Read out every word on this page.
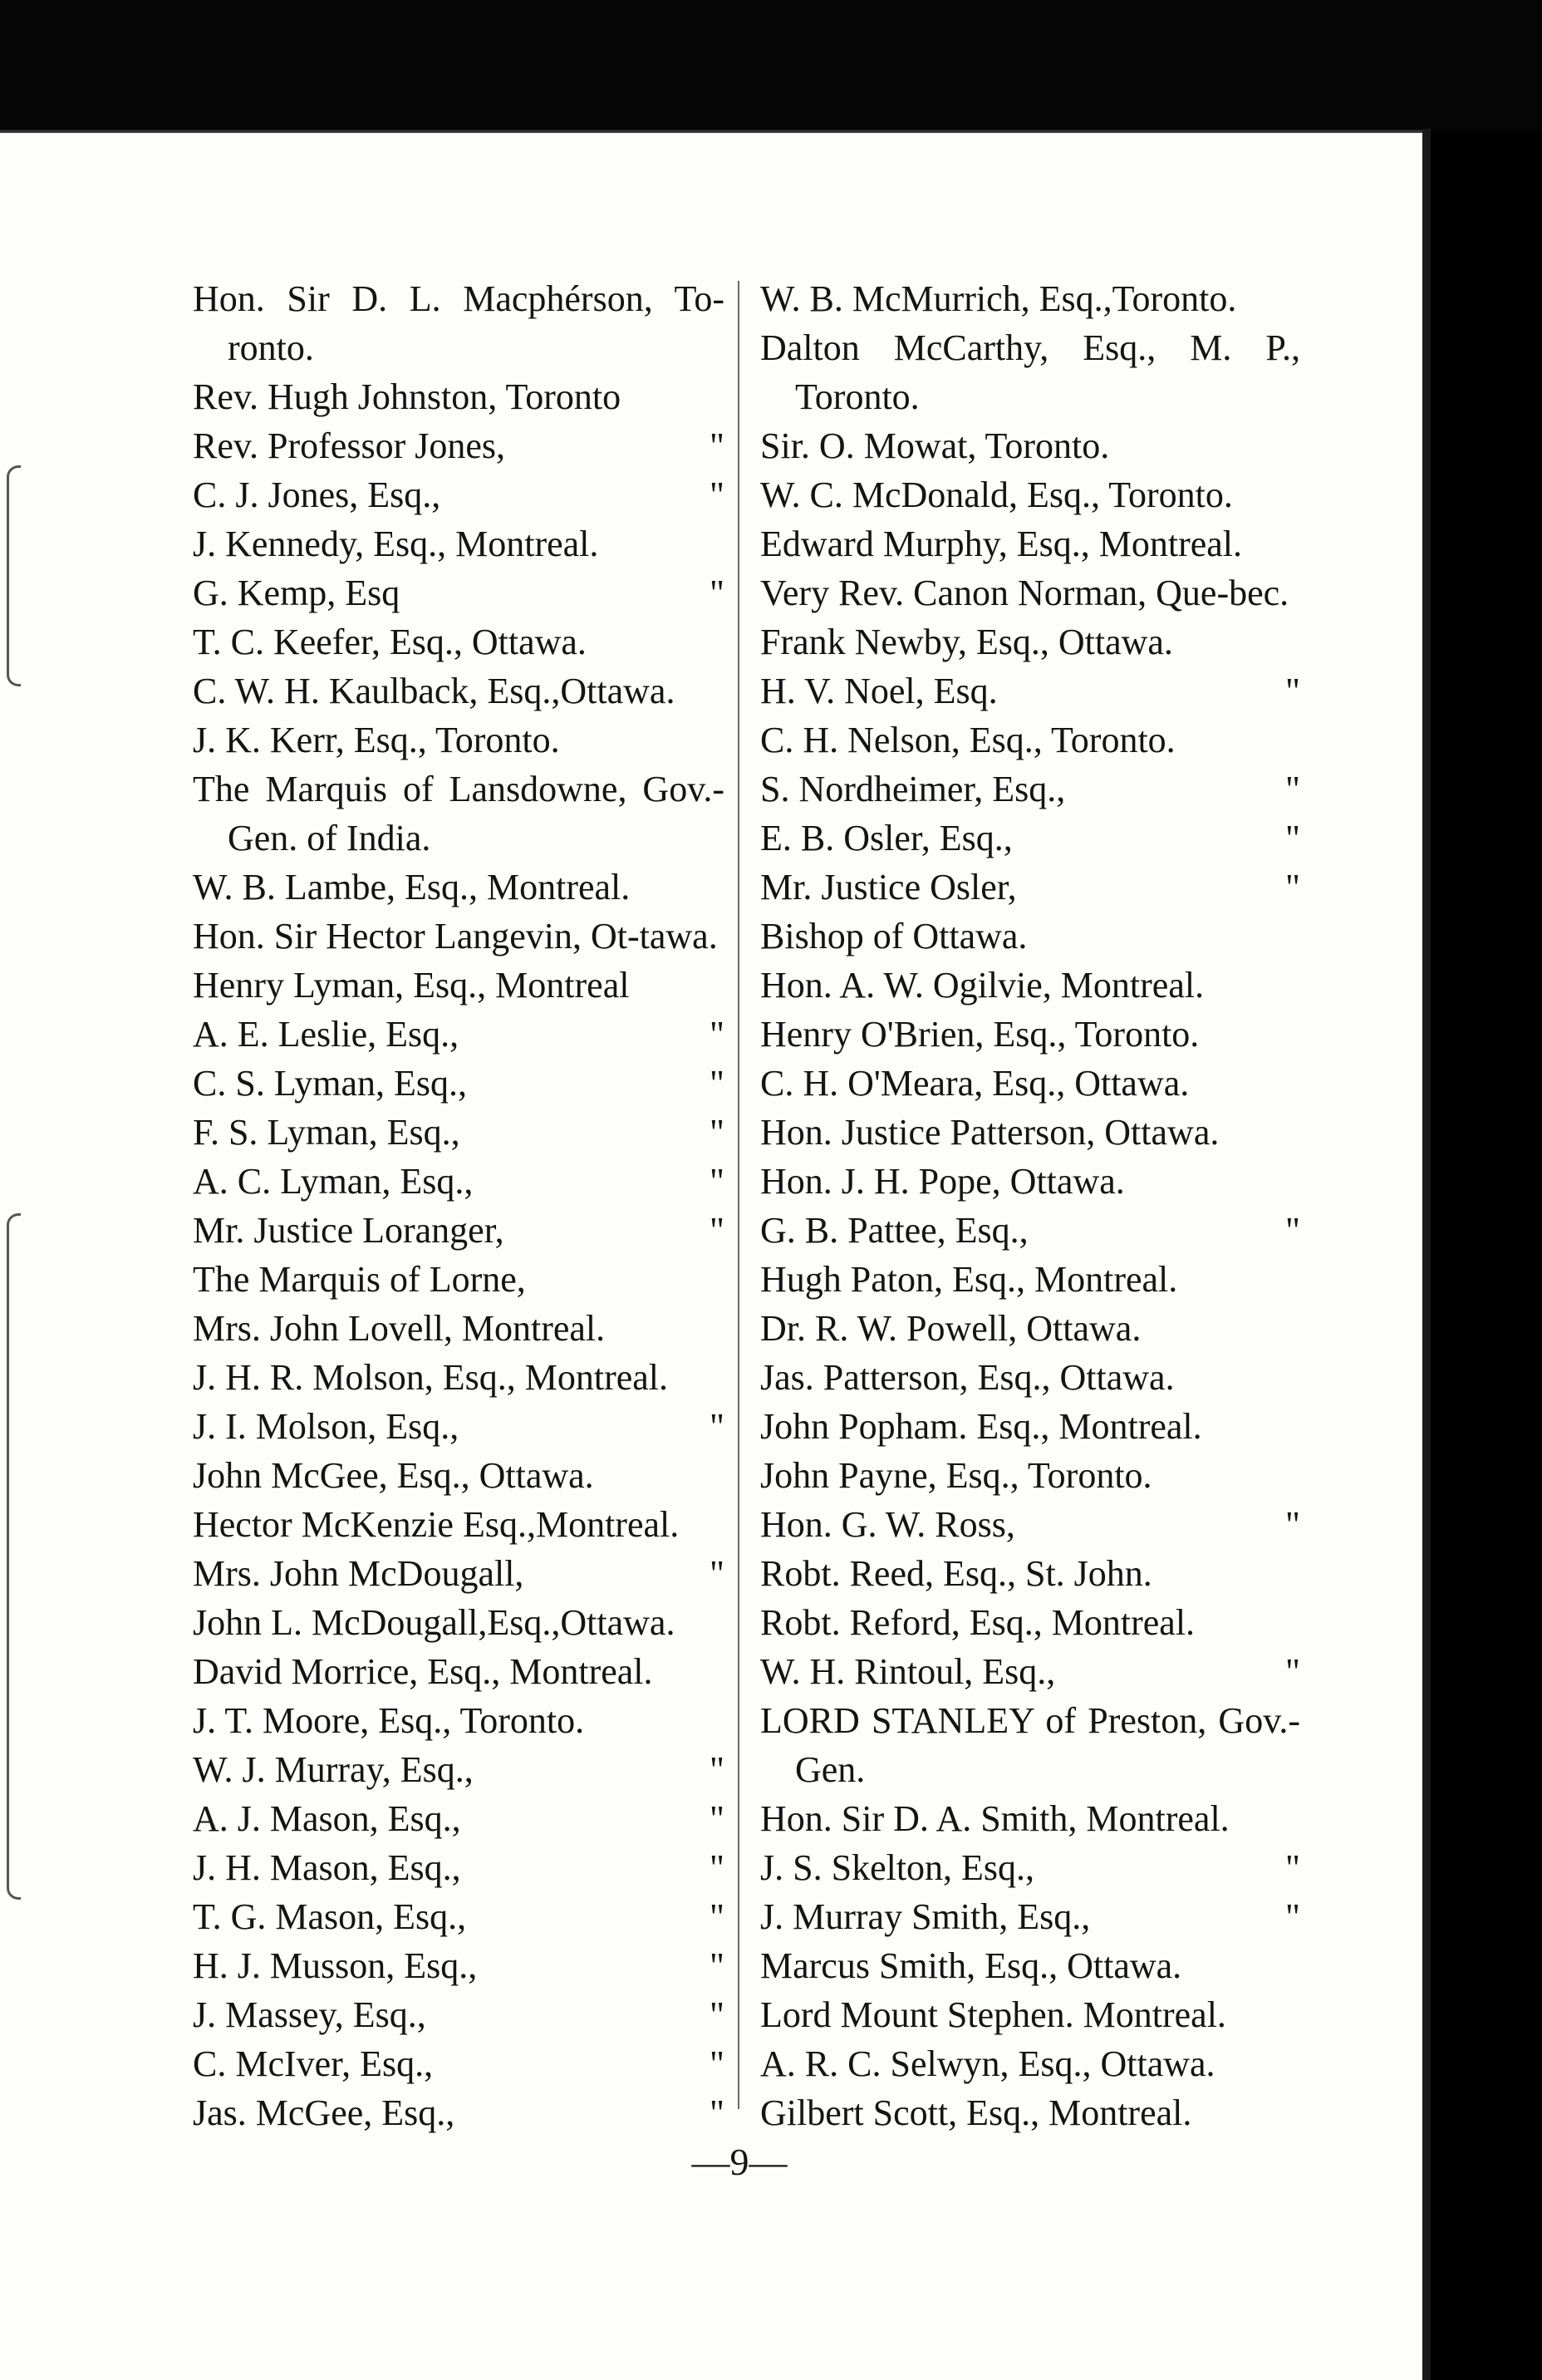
Hon. Sir D. L. Macphérson, To-ronto.
Rev. Hugh Johnston, Toronto
"
Rev. Professor Jones,
"
C. J. Jones, Esq.,
J. Kennedy, Esq., Montreal.
"
G. Kemp, Esq
T. C. Keefer, Esq., Ottawa.
C. W. H. Kaulback, Esq.,Ottawa.
J. K. Kerr, Esq., Toronto.
The Marquis of Lansdowne, Gov.-Gen. of India.
W. B. Lambe, Esq., Montreal.
Hon. Sir Hector Langevin, Ot-tawa.
Henry Lyman, Esq., Montreal
"
A. E. Leslie, Esq.,
"
C. S. Lyman, Esq.,
"
F. S. Lyman, Esq.,
"
A. C. Lyman, Esq.,
"
Mr. Justice Loranger,
The Marquis of Lorne,
Mrs. John Lovell, Montreal.
J. H. R. Molson, Esq., Montreal.
"
J. I. Molson, Esq.,
John McGee, Esq., Ottawa.
Hector McKenzie Esq.,Montreal.
"
Mrs. John McDougall,
John L. McDougall,Esq.,Ottawa.
David Morrice, Esq., Montreal.
J. T. Moore, Esq., Toronto.
"
W. J. Murray, Esq.,
"
A. J. Mason, Esq.,
"
J. H. Mason, Esq.,
"
T. G. Mason, Esq.,
"
H. J. Musson, Esq.,
"
J. Massey, Esq.,
"
C. McIver, Esq.,
"
Jas. McGee, Esq.,
W. B. McMurrich, Esq.,Toronto.
Dalton McCarthy, Esq., M. P., Toronto.
Sir. O. Mowat, Toronto.
W. C. McDonald, Esq., Toronto.
Edward Murphy, Esq., Montreal.
Very Rev. Canon Norman, Que-bec.
Frank Newby, Esq., Ottawa.
"
H. V. Noel, Esq.
C. H. Nelson, Esq., Toronto.
"
S. Nordheimer, Esq.,
"
E. B. Osler, Esq.,
"
Mr. Justice Osler,
Bishop of Ottawa.
Hon. A. W. Ogilvie, Montreal.
Henry O'Brien, Esq., Toronto.
C. H. O'Meara, Esq., Ottawa.
Hon. Justice Patterson, Ottawa.
Hon. J. H. Pope, Ottawa.
"
G. B. Pattee, Esq.,
Hugh Paton, Esq., Montreal.
Dr. R. W. Powell, Ottawa.
Jas. Patterson, Esq., Ottawa.
John Popham. Esq., Montreal.
John Payne, Esq., Toronto.
"
Hon. G. W. Ross,
Robt. Reed, Esq., St. John.
Robt. Reford, Esq., Montreal.
"
W. H. Rintoul, Esq.,
LORD STANLEY of Preston, Gov.-Gen.
Hon. Sir D. A. Smith, Montreal.
"
J. S. Skelton, Esq.,
"
J. Murray Smith, Esq.,
Marcus Smith, Esq., Ottawa.
Lord Mount Stephen. Montreal.
A. R. C. Selwyn, Esq., Ottawa.
Gilbert Scott, Esq., Montreal.
—9—
